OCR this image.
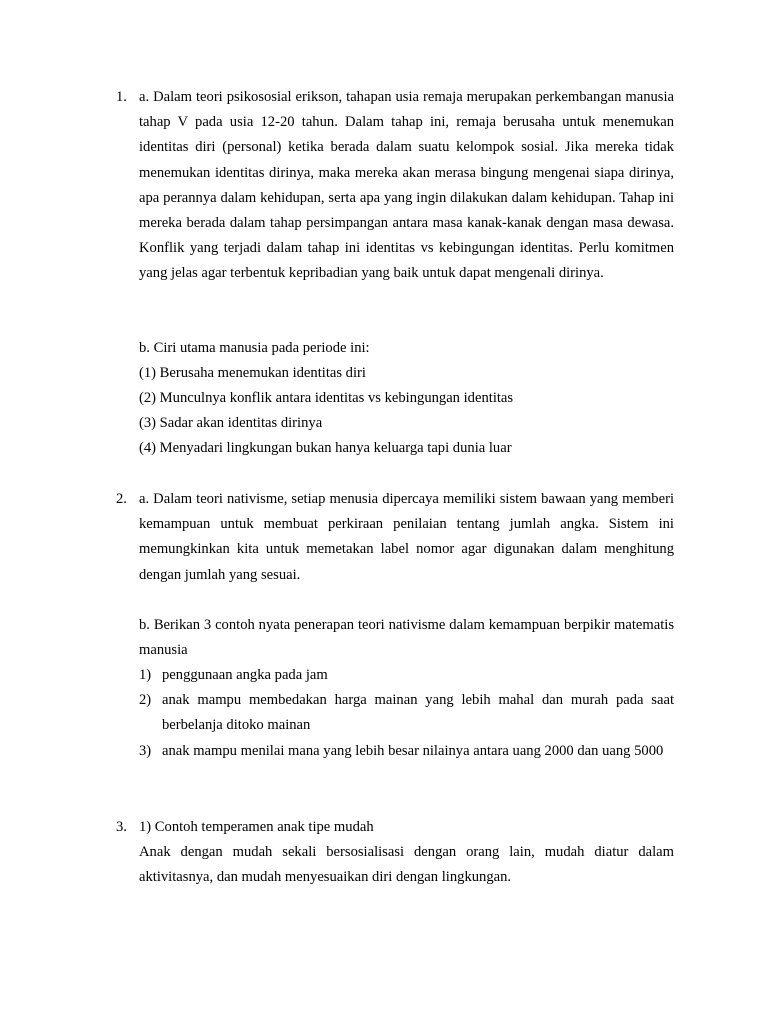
1. a. Dalam teori psikososial erikson, tahapan usia remaja merupakan perkembangan manusia tahap V pada usia 12-20 tahun. Dalam tahap ini, remaja berusaha untuk menemukan identitas diri (personal) ketika berada dalam suatu kelompok sosial. Jika mereka tidak menemukan identitas dirinya, maka mereka akan merasa bingung mengenai siapa dirinya, apa perannya dalam kehidupan, serta apa yang ingin dilakukan dalam kehidupan. Tahap ini mereka berada dalam tahap persimpangan antara masa kanak-kanak dengan masa dewasa. Konflik yang terjadi dalam tahap ini identitas vs kebingungan identitas. Perlu komitmen yang jelas agar terbentuk kepribadian yang baik untuk dapat mengenali dirinya.
b. Ciri utama manusia pada periode ini:
(1) Berusaha menemukan identitas diri
(2) Munculnya konflik antara identitas vs kebingungan identitas
(3) Sadar akan identitas dirinya
(4) Menyadari lingkungan bukan hanya keluarga tapi dunia luar
2. a. Dalam teori nativisme, setiap menusia dipercaya memiliki sistem bawaan yang memberi kemampuan untuk membuat perkiraan penilaian tentang jumlah angka. Sistem ini memungkinkan kita untuk memetakan label nomor agar digunakan dalam menghitung dengan jumlah yang sesuai.
b. Berikan 3 contoh nyata penerapan teori nativisme dalam kemampuan berpikir matematis manusia
1) penggunaan angka pada jam
2) anak mampu membedakan harga mainan yang lebih mahal dan murah pada saat berbelanja ditoko mainan
3) anak mampu menilai mana yang lebih besar nilainya antara uang 2000 dan uang 5000
3. 1) Contoh temperamen anak tipe mudah
Anak dengan mudah sekali bersosialisasi dengan orang lain, mudah diatur dalam aktivitasnya, dan mudah menyesuaikan diri dengan lingkungan.
